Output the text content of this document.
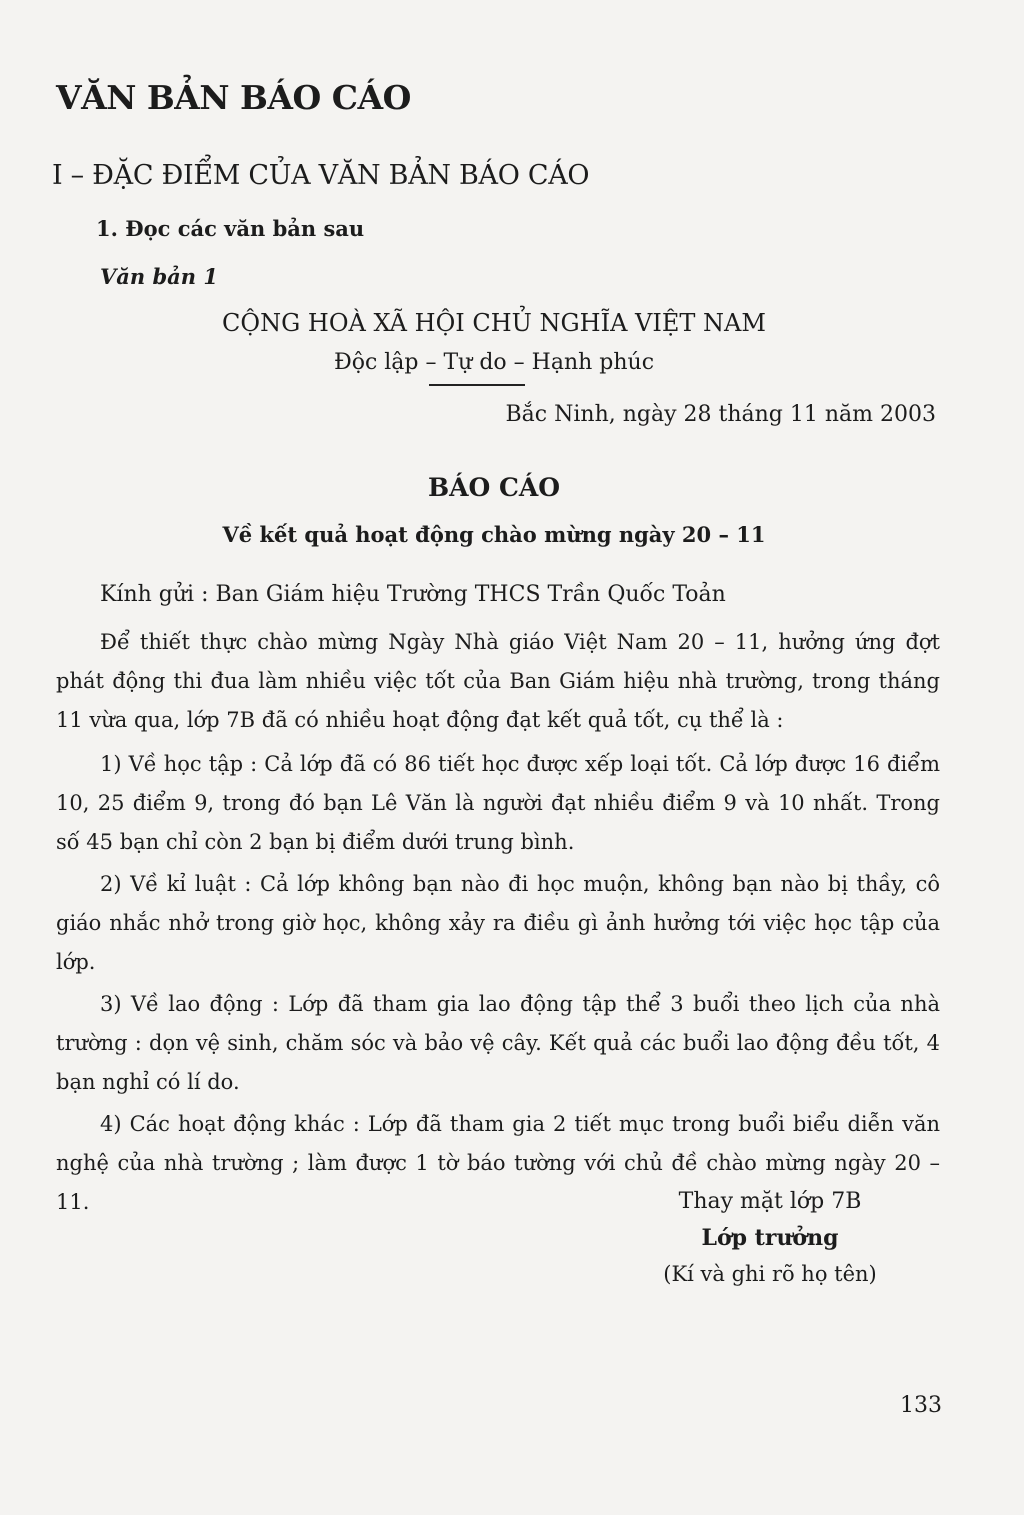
VĂN BẢN BÁO CÁO
I – ĐẶC ĐIỂM CỦA VĂN BẢN BÁO CÁO
1. Đọc các văn bản sau
Văn bản 1
CỘNG HOÀ XÃ HỘI CHỦ NGHĨA VIỆT NAM
Độc lập – Tự do – Hạnh phúc
Bắc Ninh, ngày 28 tháng 11 năm 2003
BÁO CÁO
Về kết quả hoạt động chào mừng ngày 20 – 11
Kính gửi : Ban Giám hiệu Trường THCS Trần Quốc Toản
Để thiết thực chào mừng Ngày Nhà giáo Việt Nam 20 – 11, hưởng ứng đợt phát động thi đua làm nhiều việc tốt của Ban Giám hiệu nhà trường, trong tháng 11 vừa qua, lớp 7B đã có nhiều hoạt động đạt kết quả tốt, cụ thể là :
1) Về học tập : Cả lớp đã có 86 tiết học được xếp loại tốt. Cả lớp được 16 điểm 10, 25 điểm 9, trong đó bạn Lê Văn là người đạt nhiều điểm 9 và 10 nhất. Trong số 45 bạn chỉ còn 2 bạn bị điểm dưới trung bình.
2) Về kỉ luật : Cả lớp không bạn nào đi học muộn, không bạn nào bị thầy, cô giáo nhắc nhở trong giờ học, không xảy ra điều gì ảnh hưởng tới việc học tập của lớp.
3) Về lao động : Lớp đã tham gia lao động tập thể 3 buổi theo lịch của nhà trường : dọn vệ sinh, chăm sóc và bảo vệ cây. Kết quả các buổi lao động đều tốt, 4 bạn nghỉ có lí do.
4) Các hoạt động khác : Lớp đã tham gia 2 tiết mục trong buổi biểu diễn văn nghệ của nhà trường ; làm được 1 tờ báo tường với chủ đề chào mừng ngày 20 – 11.	Thay mặt lớp 7B
Lớp trưởng
(Kí và ghi rõ họ tên)
133
